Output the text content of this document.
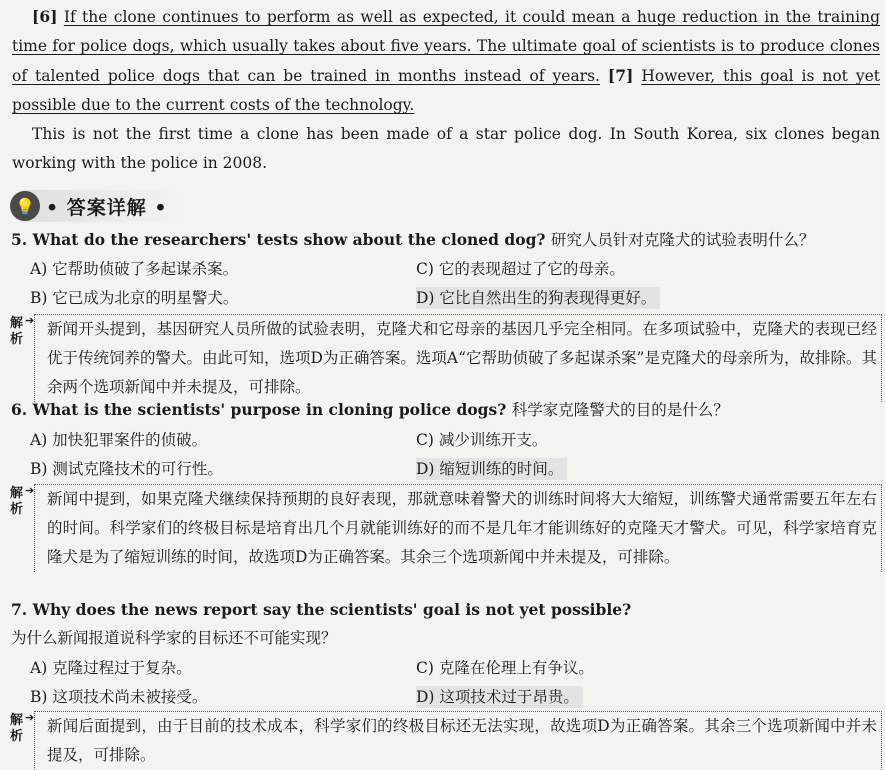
[6] If the clone continues to perform as well as expected, it could mean a huge reduction in the training time for police dogs, which usually takes about five years. The ultimate goal of scientists is to produce clones of talented police dogs that can be trained in months instead of years. [7] However, this goal is not yet possible due to the current costs of the technology.

This is not the first time a clone has been made of a star police dog. In South Korea, six clones began working with the police in 2008.

💡 • 答案详解 •
5. What do the researchers' tests show about the cloned dog? 研究人员针对克隆犬的试验表明什么？
A) 它帮助侦破了多起谋杀案。	C) 它的表现超过了它的母亲。
B) 它已成为北京的明星警犬。	D) 它比自然出生的狗表现得更好。
解析
➔ 新闻开头提到，基因研究人员所做的试验表明，克隆犬和它母亲的基因几乎完全相同。在多项试验中，克隆犬的表现已经优于传统饲养的警犬。由此可知，选项D为正确答案。选项A“它帮助侦破了多起谋杀案”是克隆犬的母亲所为，故排除。其余两个选项新闻中并未提及，可排除。
6. What is the scientists' purpose in cloning police dogs? 科学家克隆警犬的目的是什么？
A) 加快犯罪案件的侦破。	C) 减少训练开支。
B) 测试克隆技术的可行性。	D) 缩短训练的时间。
解析
➔ 新闻中提到，如果克隆犬继续保持预期的良好表现，那就意味着警犬的训练时间将大大缩短，训练警犬通常需要五年左右的时间。科学家们的终极目标是培育出几个月就能训练好的而不是几年才能训练好的克隆天才警犬。可见，科学家培育克隆犬是为了缩短训练的时间，故选项D为正确答案。其余三个选项新闻中并未提及，可排除。
7. Why does the news report say the scientists' goal is not yet possible?
为什么新闻报道说科学家的目标还不可能实现？
A) 克隆过程过于复杂。	C) 克隆在伦理上有争议。
B) 这项技术尚未被接受。	D) 这项技术过于昂贵。
解析
➔ 新闻后面提到，由于目前的技术成本，科学家们的终极目标还无法实现，故选项D为正确答案。其余三个选项新闻中并未提及，可排除。
